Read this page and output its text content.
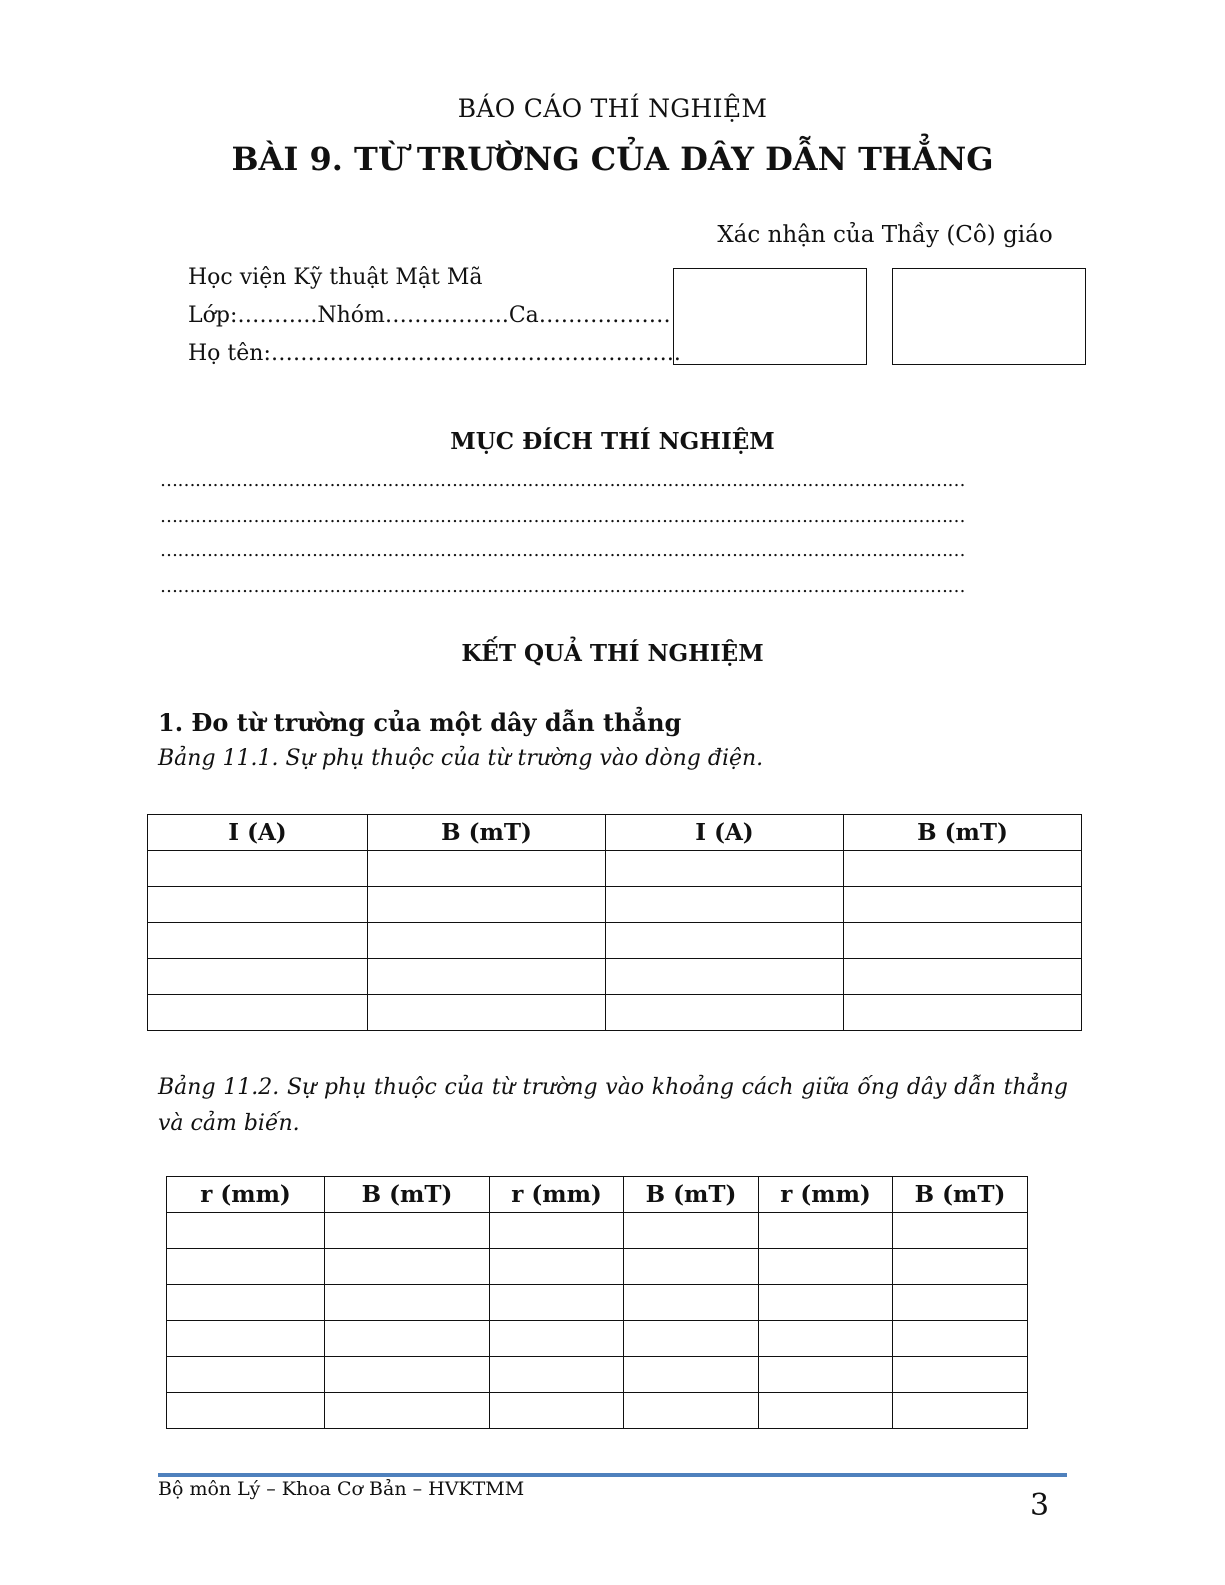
BÁO CÁO THÍ NGHIỆM
BÀI 9. TỪ TRƯỜNG CỦA DÂY DẪN THẲNG
Xác nhận của Thầy (Cô) giáo
Học viện Kỹ thuật Mật Mã
Lớp:………..Nhóm……………..Ca………………
Họ tên:………………………………………………..
MỤC ĐÍCH THÍ NGHIỆM
…………………………………………………………………………………………………………………………
…………………………………………………………………………………………………………………………
…………………………………………………………………………………………………………………………
…………………………………………………………………………………………………………………………
KẾT QUẢ THÍ NGHIỆM
1. Đo từ trường của một dây dẫn thẳng
Bảng 11.1. Sự phụ thuộc của từ trường vào dòng điện.
I (A)	B (mT)	I (A)	B (mT)

Bảng 11.2. Sự phụ thuộc của từ trường vào khoảng cách giữa ống dây dẫn thẳng và cảm biến.
r (mm)	B (mT)	r (mm)	B (mT)	r (mm)	B (mT)

Bộ môn Lý – Khoa Cơ Bản – HVKTMM	3
